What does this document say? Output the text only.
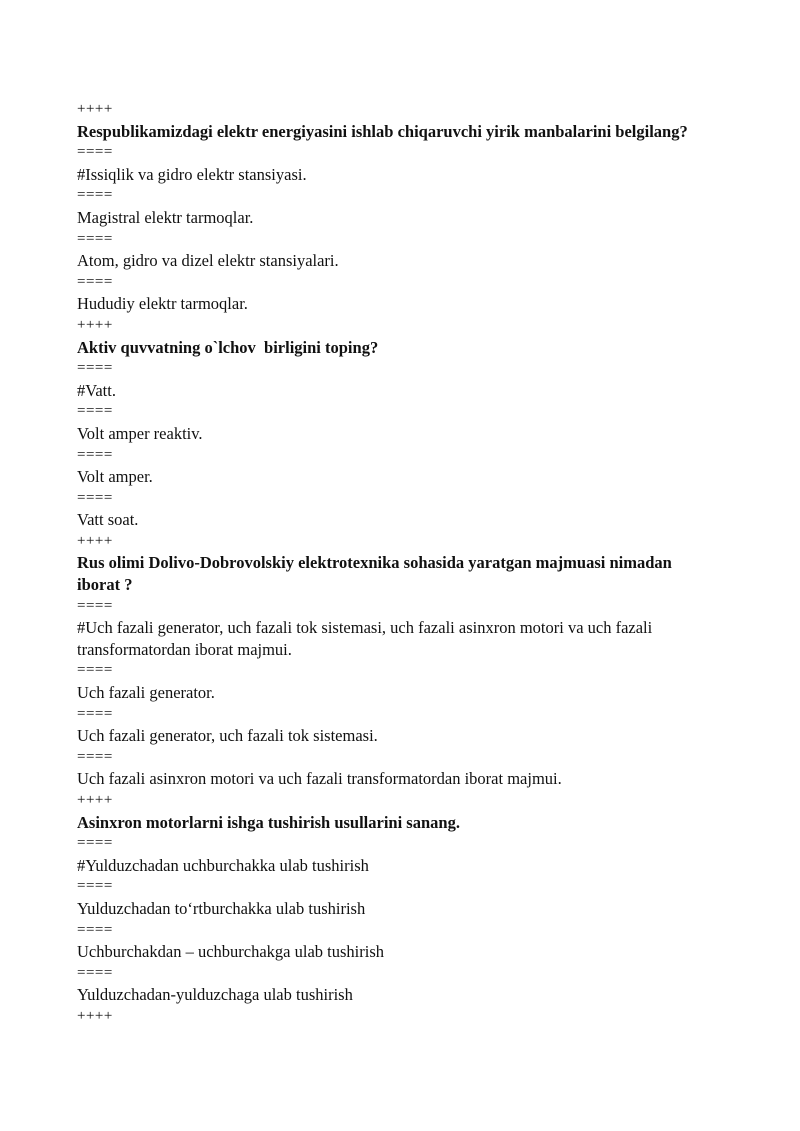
++++

Respublikamizdagi elektr energiyasini ishlab chiqaruvchi yirik manbalarini belgilang?

====

#Issiqlik va gidro elektr stansiyasi.

====

Magistral elektr tarmoqlar.

====

Atom, gidro va dizel elektr stansiyalari.

====

Hududiy elektr tarmoqlar.

++++

Aktiv quvvatning o`lchov  birligini toping?

====

#Vatt.

====

Volt amper reaktiv.

====

Volt amper.

====

Vatt soat.

++++

Rus olimi Dolivo-Dobrovolskiy elektrotexnika sohasida yaratgan majmuasi nimadan iborat ?

====

#Uch fazali generator, uch fazali tok sistemasi, uch fazali asinxron motori va uch fazali transformatordan iborat majmui.

====

Uch fazali generator.

====

Uch fazali generator, uch fazali tok sistemasi.

====

Uch fazali asinxron motori va uch fazali transformatordan iborat majmui.

++++

Asinxron motorlarni ishga tushirish usullarini sanang.

====

#Yulduzchadan uchburchakka ulab tushirish

====

Yulduzchadan to‘rtburchakka ulab tushirish

====

Uchburchakdan – uchburchakga ulab tushirish

====

Yulduzchadan-yulduzchaga ulab tushirish

++++
